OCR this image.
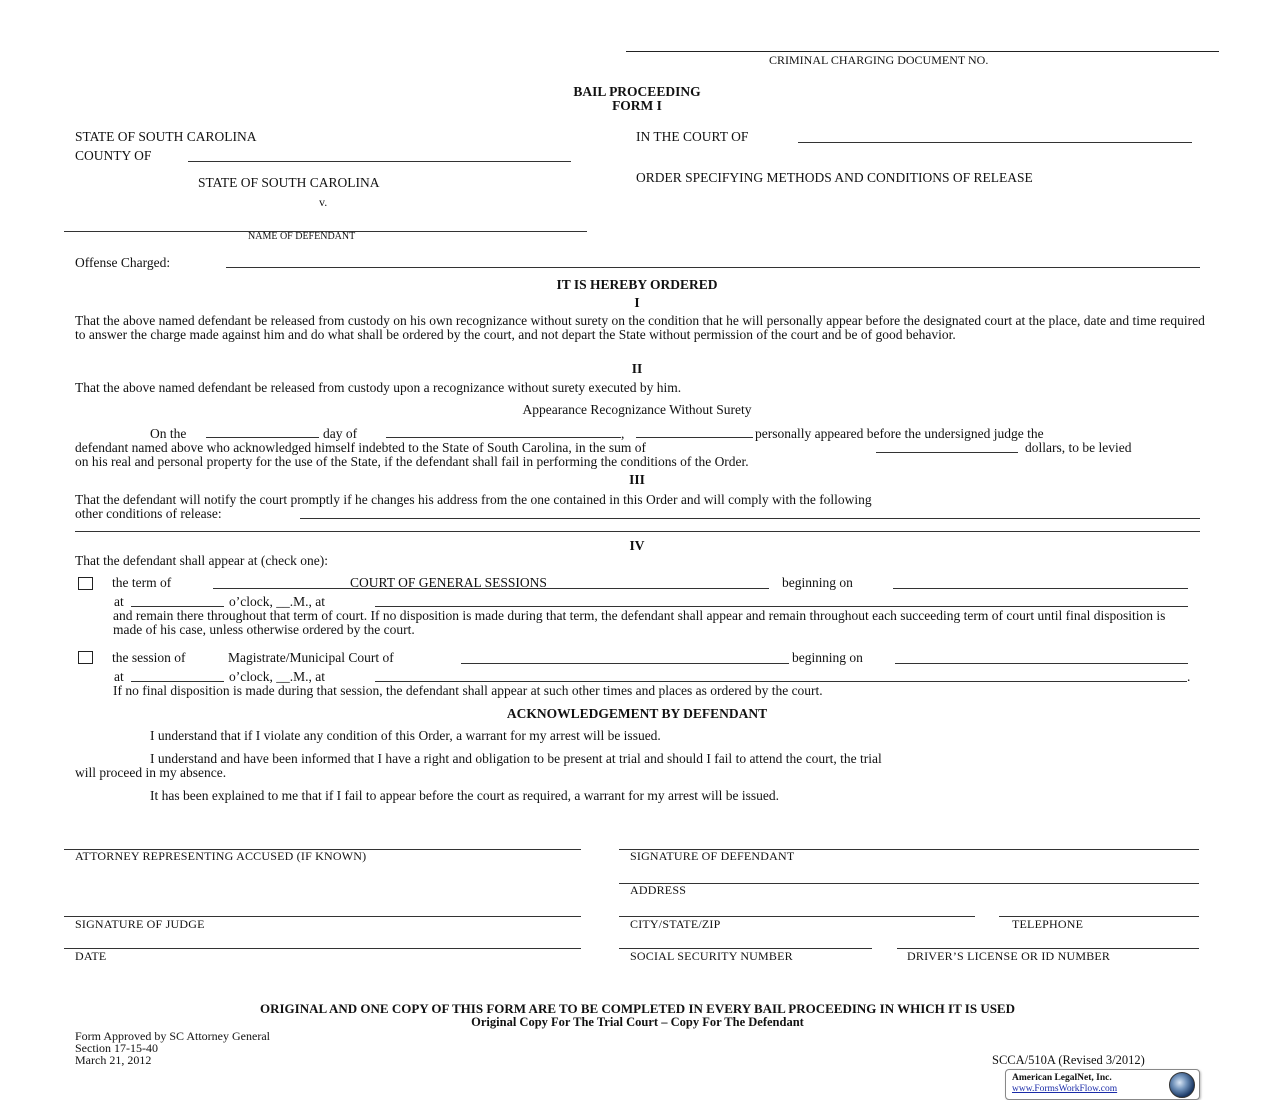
CRIMINAL CHARGING DOCUMENT NO.
BAIL PROCEEDING
FORM I
STATE OF SOUTH CAROLINA
COUNTY OF
STATE OF SOUTH CAROLINA
v.
NAME OF DEFENDANT
IN THE COURT OF
ORDER SPECIFYING METHODS AND CONDITIONS OF RELEASE
Offense Charged:
IT IS HEREBY ORDERED
I
That the above named defendant be released from custody on his own recognizance without surety on the condition that he will personally appear before the designated court at the place, date and time required to answer the charge made against him and do what shall be ordered by the court, and not depart the State without permission of the court and be of good behavior.
II
That the above named defendant be released from custody upon a recognizance without surety executed by him.
Appearance Recognizance Without Surety
On the	day of	,	personally appeared before the undersigned judge the
defendant named above who acknowledged himself indebted to the State of South Carolina, in the sum of	dollars, to be levied
on his real and personal property for the use of the State, if the defendant shall fail in performing the conditions of the Order.
III
That the defendant will notify the court promptly if he changes his address from the one contained in this Order and will comply with the following
other conditions of release:
IV
That the defendant shall appear at (check one):
the term of	COURT OF GENERAL SESSIONS	beginning on
at	o’clock, __.M., at
and remain there throughout that term of court. If no disposition is made during that term, the defendant shall appear and remain throughout each succeeding term of court until final disposition is made of his case, unless otherwise ordered by the court.
the session of	Magistrate/Municipal Court of	beginning on
at	o’clock, __.M., at	.
If no final disposition is made during that session, the defendant shall appear at such other times and places as ordered by the court.
ACKNOWLEDGEMENT BY DEFENDANT
I understand that if I violate any condition of this Order, a warrant for my arrest will be issued.
I understand and have been informed that I have a right and obligation to be present at trial and should I fail to attend the court, the trial
will proceed in my absence.
It has been explained to me that if I fail to appear before the court as required, a warrant for my arrest will be issued.
ATTORNEY REPRESENTING ACCUSED (IF KNOWN)
SIGNATURE OF JUDGE
DATE
SIGNATURE OF DEFENDANT
ADDRESS
CITY/STATE/ZIP	TELEPHONE
SOCIAL SECURITY NUMBER	DRIVER’S LICENSE OR ID NUMBER
ORIGINAL AND ONE COPY OF THIS FORM ARE TO BE COMPLETED IN EVERY BAIL PROCEEDING IN WHICH IT IS USED
Original Copy For The Trial Court – Copy For The Defendant
Form Approved by SC Attorney General
Section 17-15-40
March 21, 2012	SCCA/510A (Revised 3/2012)
American LegalNet, Inc.
www.FormsWorkFlow.com
